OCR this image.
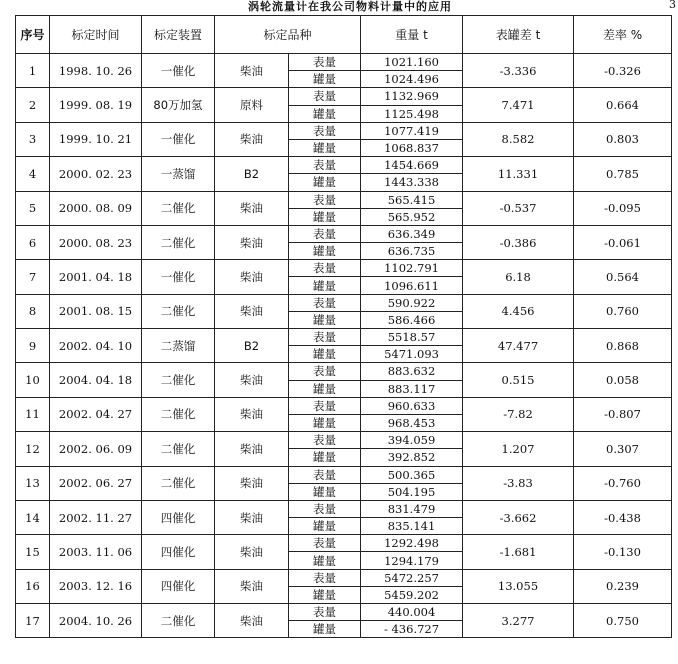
涡轮流量计在我公司物料计量中的应用	3
序号	标定时间	标定装置	标定品种		重量 t	表罐差 t	差率 %
1	1998. 10. 26	一催化	柴油	表量	1021.160	-3.336	-0.326
				罐量	1024.496		
2	1999. 08. 19	80万加氢	原料	表量	1132.969	7.471	0.664
				罐量	1125.498		
3	1999. 10. 21	一催化	柴油	表量	1077.419	8.582	0.803
				罐量	1068.837		
4	2000. 02. 23	一蒸馏	B2	表量	1454.669	11.331	0.785
				罐量	1443.338		
5	2000. 08. 09	二催化	柴油	表量	565.415	-0.537	-0.095
				罐量	565.952		
6	2000. 08. 23	二催化	柴油	表量	636.349	-0.386	-0.061
				罐量	636.735		
7	2001. 04. 18	一催化	柴油	表量	1102.791	6.18	0.564
				罐量	1096.611		
8	2001. 08. 15	二催化	柴油	表量	590.922	4.456	0.760
				罐量	586.466		
9	2002. 04. 10	二蒸馏	B2	表量	5518.57	47.477	0.868
				罐量	5471.093		
10	2004. 04. 18	二催化	柴油	表量	883.632	0.515	0.058
				罐量	883.117		
11	2002. 04. 27	二催化	柴油	表量	960.633	-7.82	-0.807
				罐量	968.453		
12	2002. 06. 09	二催化	柴油	表量	394.059	1.207	0.307
				罐量	392.852		
13	2002. 06. 27	二催化	柴油	表量	500.365	-3.83	-0.760
				罐量	504.195		
14	2002. 11. 27	四催化	柴油	表量	831.479	-3.662	-0.438
				罐量	835.141		
15	2003. 11. 06	四催化	柴油	表量	1292.498	-1.681	-0.130
				罐量	1294.179		
16	2003. 12. 16	四催化	柴油	表量	5472.257	13.055	0.239
				罐量	5459.202		
17	2004. 10. 26	二催化	柴油	表量	440.004	3.277	0.750
				罐量	- 436.727		
